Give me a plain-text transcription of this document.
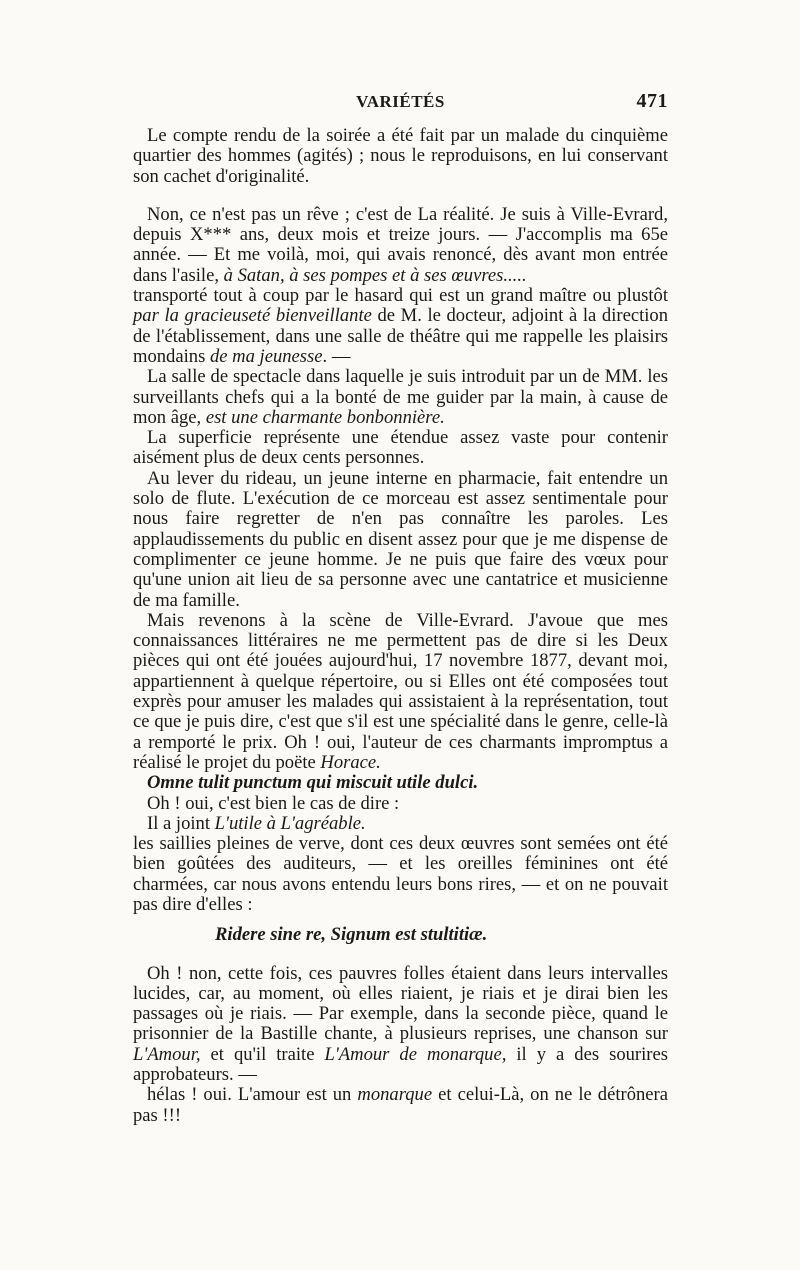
VARIÉTÉS	471

Le compte rendu de la soirée a été fait par un malade du cinquième quartier des hommes (agités) ; nous le reproduisons, en lui conservant son cachet d'originalité.

Non, ce n'est pas un rêve ; c'est de La réalité. Je suis à Ville-Evrard, depuis X*** ans, deux mois et treize jours. — J'accomplis ma 65e année. — Et me voilà, moi, qui avais renoncé, dès avant mon entrée dans l'asile, à Satan, à ses pompes et à ses œuvres.....

transporté tout à coup par le hasard qui est un grand maître ou plustôt par la gracieuseté bienveillante de M. le docteur, adjoint à la direction de l'établissement, dans une salle de théâtre qui me rappelle les plaisirs mondains de ma jeunesse. —

La salle de spectacle dans laquelle je suis introduit par un de MM. les surveillants chefs qui a la bonté de me guider par la main, à cause de mon âge, est une charmante bonbonnière.

La superficie représente une étendue assez vaste pour contenir aisément plus de deux cents personnes.

Au lever du rideau, un jeune interne en pharmacie, fait entendre un solo de flute. L'exécution de ce morceau est assez sentimentale pour nous faire regretter de n'en pas connaître les paroles. Les applaudissements du public en disent assez pour que je me dispense de complimenter ce jeune homme. Je ne puis que faire des vœux pour qu'une union ait lieu de sa personne avec une cantatrice et musicienne de ma famille.

Mais revenons à la scène de Ville-Evrard. J'avoue que mes connaissances littéraires ne me permettent pas de dire si les Deux pièces qui ont été jouées aujourd'hui, 17 novembre 1877, devant moi, appartiennent à quelque répertoire, ou si Elles ont été composées tout exprès pour amuser les malades qui assistaient à la représentation, tout ce que je puis dire, c'est que s'il est une spécialité dans le genre, celle-là a remporté le prix. Oh ! oui, l'auteur de ces charmants impromptus a réalisé le projet du poëte Horace.

Omne tulit punctum qui miscuit utile dulci.

Oh ! oui, c'est bien le cas de dire :

Il a joint L'utile à L'agréable.

les saillies pleines de verve, dont ces deux œuvres sont semées ont été bien goûtées des auditeurs, — et les oreilles féminines ont été charmées, car nous avons entendu leurs bons rires, — et on ne pouvait pas dire d'elles :

Ridere sine re, Signum est stultitiæ.

Oh ! non, cette fois, ces pauvres folles étaient dans leurs intervalles lucides, car, au moment, où elles riaient, je riais et je dirai bien les passages où je riais. — Par exemple, dans la seconde pièce, quand le prisonnier de la Bastille chante, à plusieurs reprises, une chanson sur L'Amour, et qu'il traite L'Amour de monarque, il y a des sourires approbateurs. —

hélas ! oui. L'amour est un monarque et celui-Là, on ne le détrônera pas !!!
